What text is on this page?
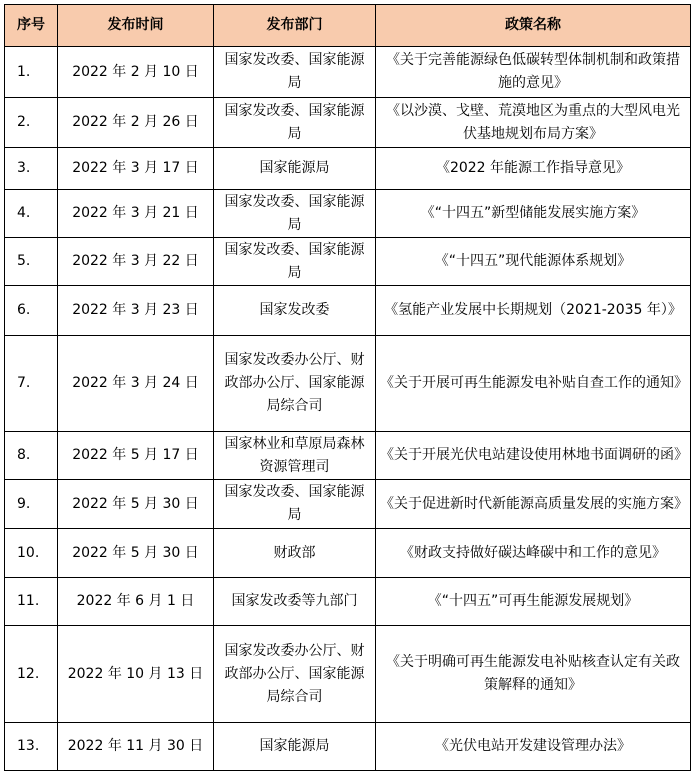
序号	发布时间	发布部门	政策名称
1.	2022 年 2 月 10 日	国家发改委、国家能源局	《关于完善能源绿色低碳转型体制机制和政策措施的意见》
2.	2022 年 2 月 26 日	国家发改委、国家能源局	《以沙漠、戈壁、荒漠地区为重点的大型风电光伏基地规划布局方案》
3.	2022 年 3 月 17 日	国家能源局	《2022 年能源工作指导意见》
4.	2022 年 3 月 21 日	国家发改委、国家能源局	《“十四五”新型储能发展实施方案》
5.	2022 年 3 月 22 日	国家发改委、国家能源局	《“十四五”现代能源体系规划》
6.	2022 年 3 月 23 日	国家发改委	《氢能产业发展中长期规划（2021-2035 年）》
7.	2022 年 3 月 24 日	国家发改委办公厅、财政部办公厅、国家能源局综合司	《关于开展可再生能源发电补贴自查工作的通知》
8.	2022 年 5 月 17 日	国家林业和草原局森林资源管理司	《关于开展光伏电站建设使用林地书面调研的函》
9.	2022 年 5 月 30 日	国家发改委、国家能源局	《关于促进新时代新能源高质量发展的实施方案》
10.	2022 年 5 月 30 日	财政部	《财政支持做好碳达峰碳中和工作的意见》
11.	2022 年 6 月 1 日	国家发改委等九部门	《“十四五”可再生能源发展规划》
12.	2022 年 10 月 13 日	国家发改委办公厅、财政部办公厅、国家能源局综合司	《关于明确可再生能源发电补贴核查认定有关政策解释的通知》
13.	2022 年 11 月 30 日	国家能源局	《光伏电站开发建设管理办法》
